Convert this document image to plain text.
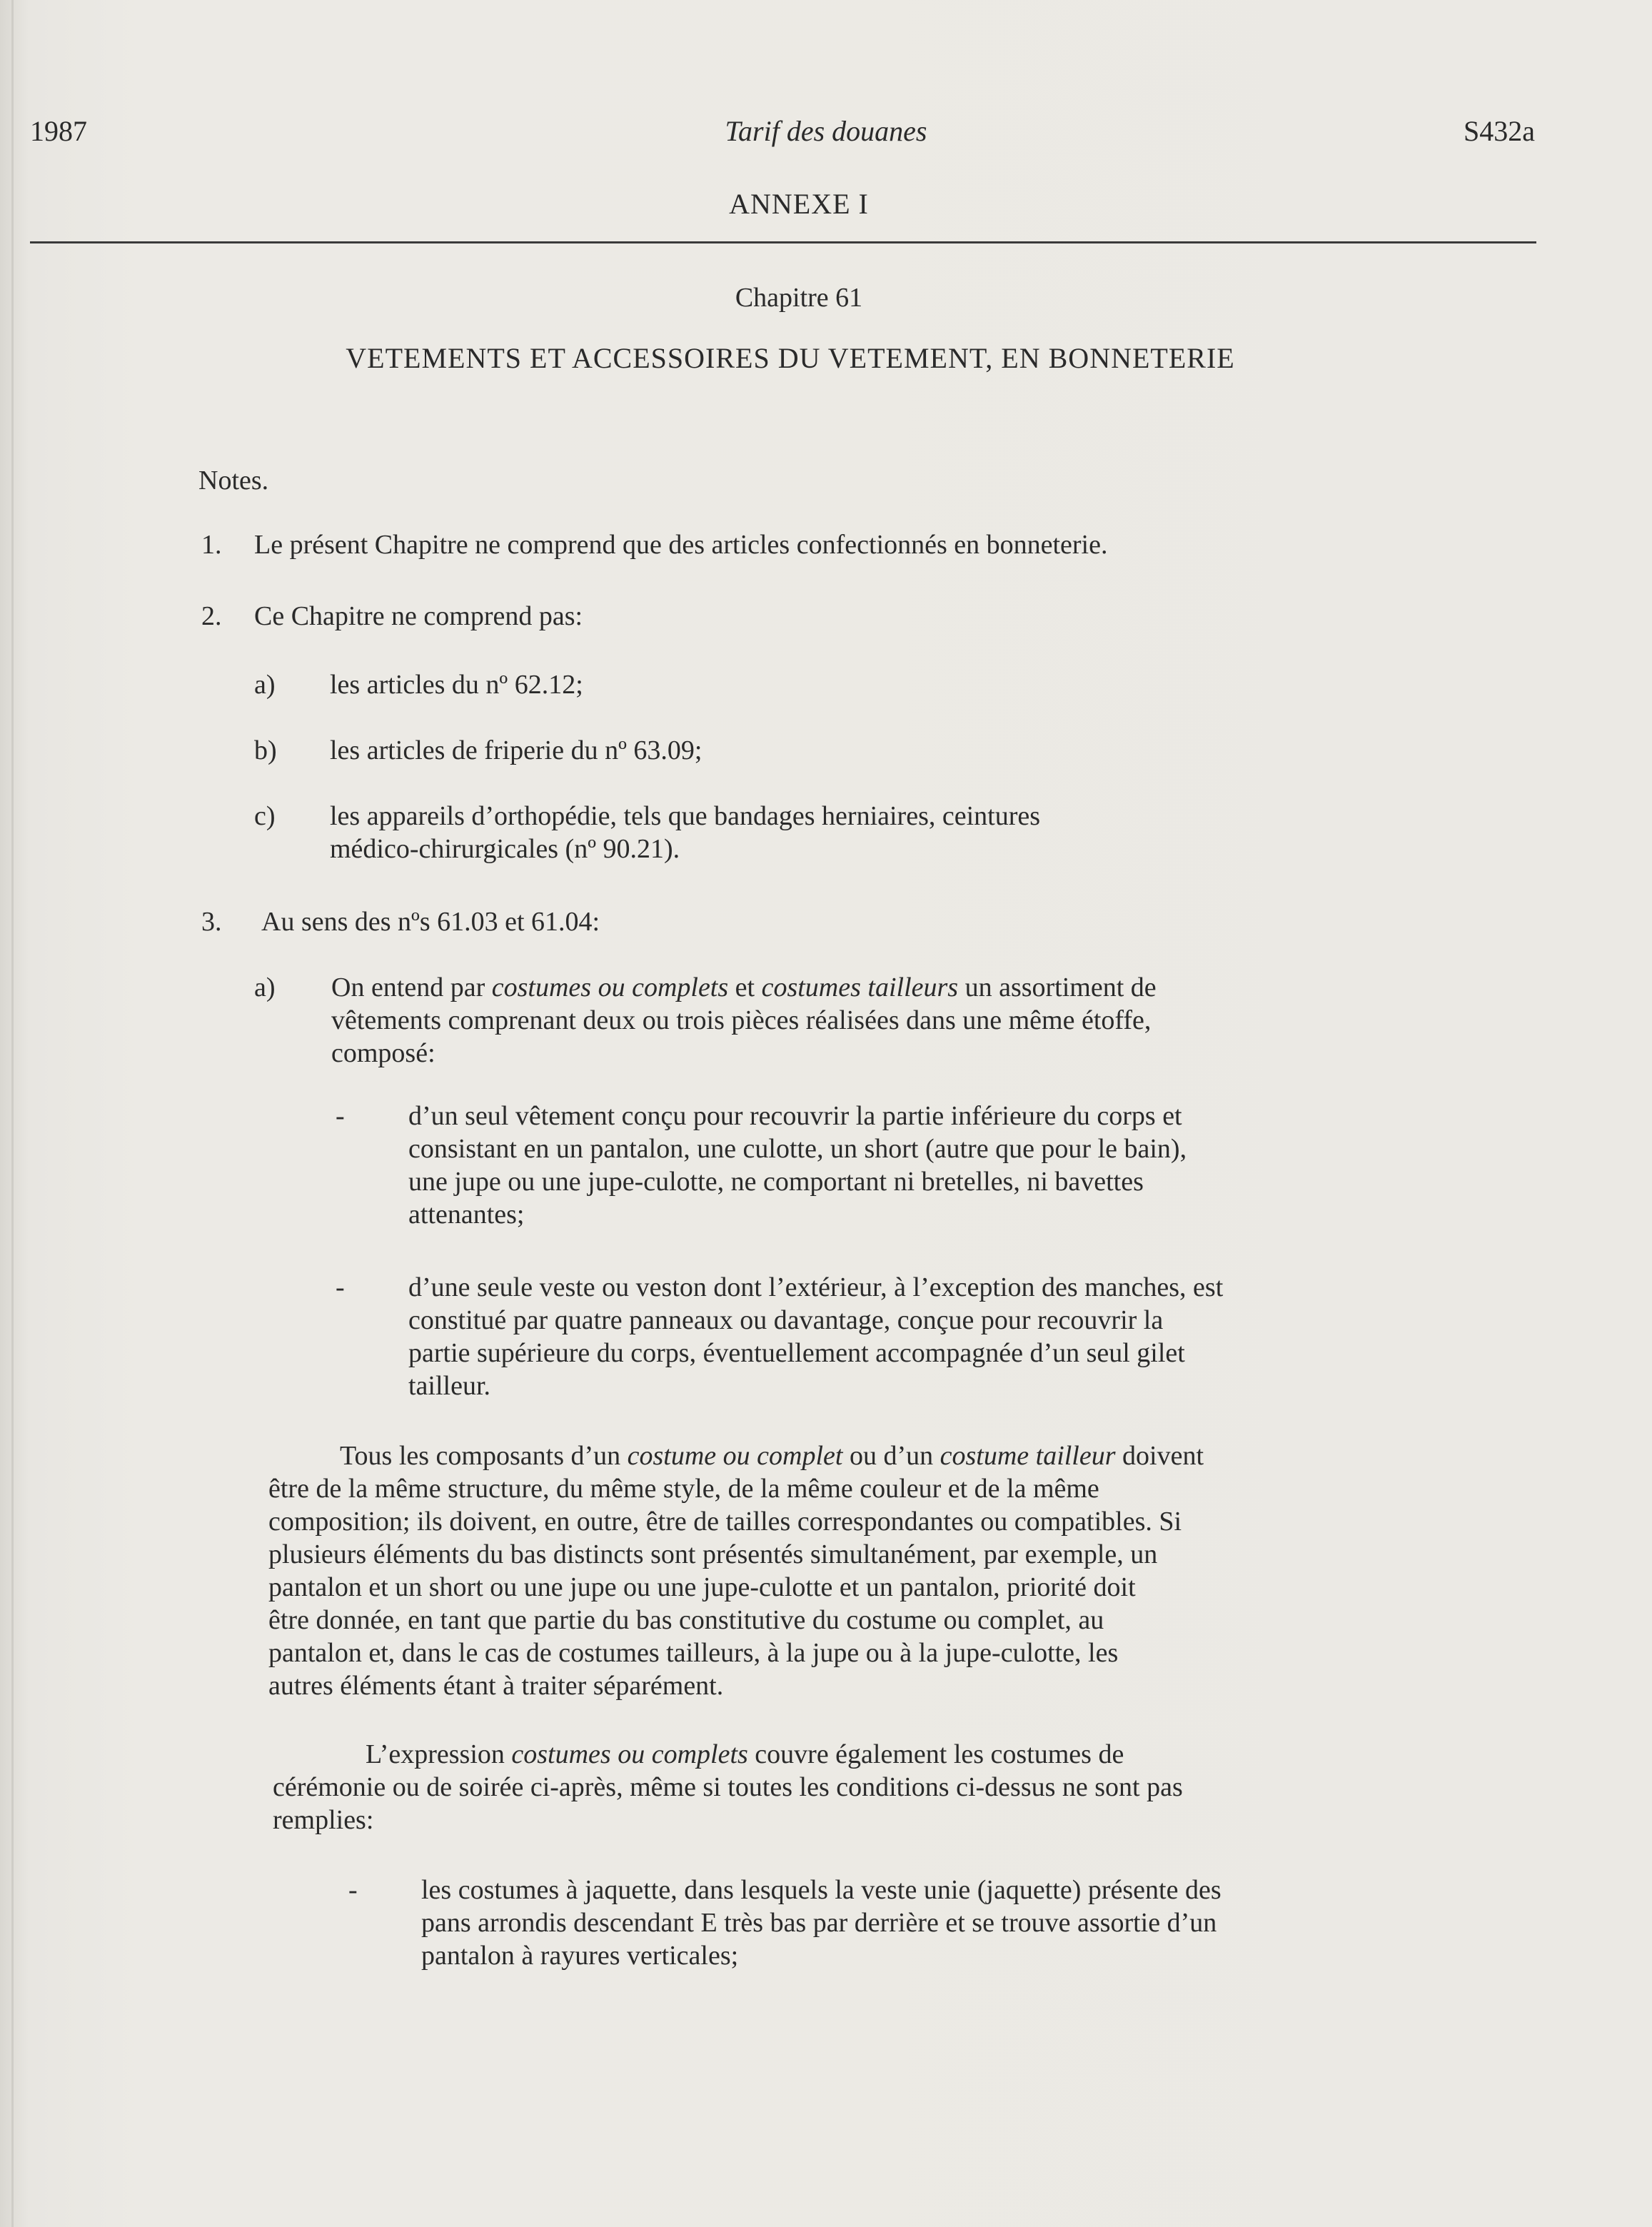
Tarif des douanes
1987	S432a
ANNEXE I
Chapitre 61
VETEMENTS ET ACCESSOIRES DU VETEMENT, EN BONNETERIE
Notes.
1. Le présent Chapitre ne comprend que des articles confectionnés en bonneterie.
2. Ce Chapitre ne comprend pas:
a) les articles du nº 62.12;
b) les articles de friperie du nº 63.09;
c) les appareils d’orthopédie, tels que bandages herniaires, ceintures
médico-chirurgicales (nº 90.21).
3. Au sens des nºs 61.03 et 61.04:
a) On entend par costumes ou complets et costumes tailleurs un assortiment de
vêtements comprenant deux ou trois pièces réalisées dans une même étoffe,
composé:
- d’un seul vêtement conçu pour recouvrir la partie inférieure du corps et
consistant en un pantalon, une culotte, un short (autre que pour le bain),
une jupe ou une jupe-culotte, ne comportant ni bretelles, ni bavettes
attenantes;
- d’une seule veste ou veston dont l’extérieur, à l’exception des manches, est
constitué par quatre panneaux ou davantage, conçue pour recouvrir la
partie supérieure du corps, éventuellement accompagnée d’un seul gilet
tailleur.
Tous les composants d’un costume ou complet ou d’un costume tailleur doivent
être de la même structure, du même style, de la même couleur et de la même
composition; ils doivent, en outre, être de tailles correspondantes ou compatibles. Si
plusieurs éléments du bas distincts sont présentés simultanément, par exemple, un
pantalon et un short ou une jupe ou une jupe-culotte et un pantalon, priorité doit
être donnée, en tant que partie du bas constitutive du costume ou complet, au
pantalon et, dans le cas de costumes tailleurs, à la jupe ou à la jupe-culotte, les
autres éléments étant à traiter séparément.
L’expression costumes ou complets couvre également les costumes de
cérémonie ou de soirée ci-après, même si toutes les conditions ci-dessus ne sont pas
remplies:
- les costumes à jaquette, dans lesquels la veste unie (jaquette) présente des
pans arrondis descendant E très bas par derrière et se trouve assortie d’un
pantalon à rayures verticales;
